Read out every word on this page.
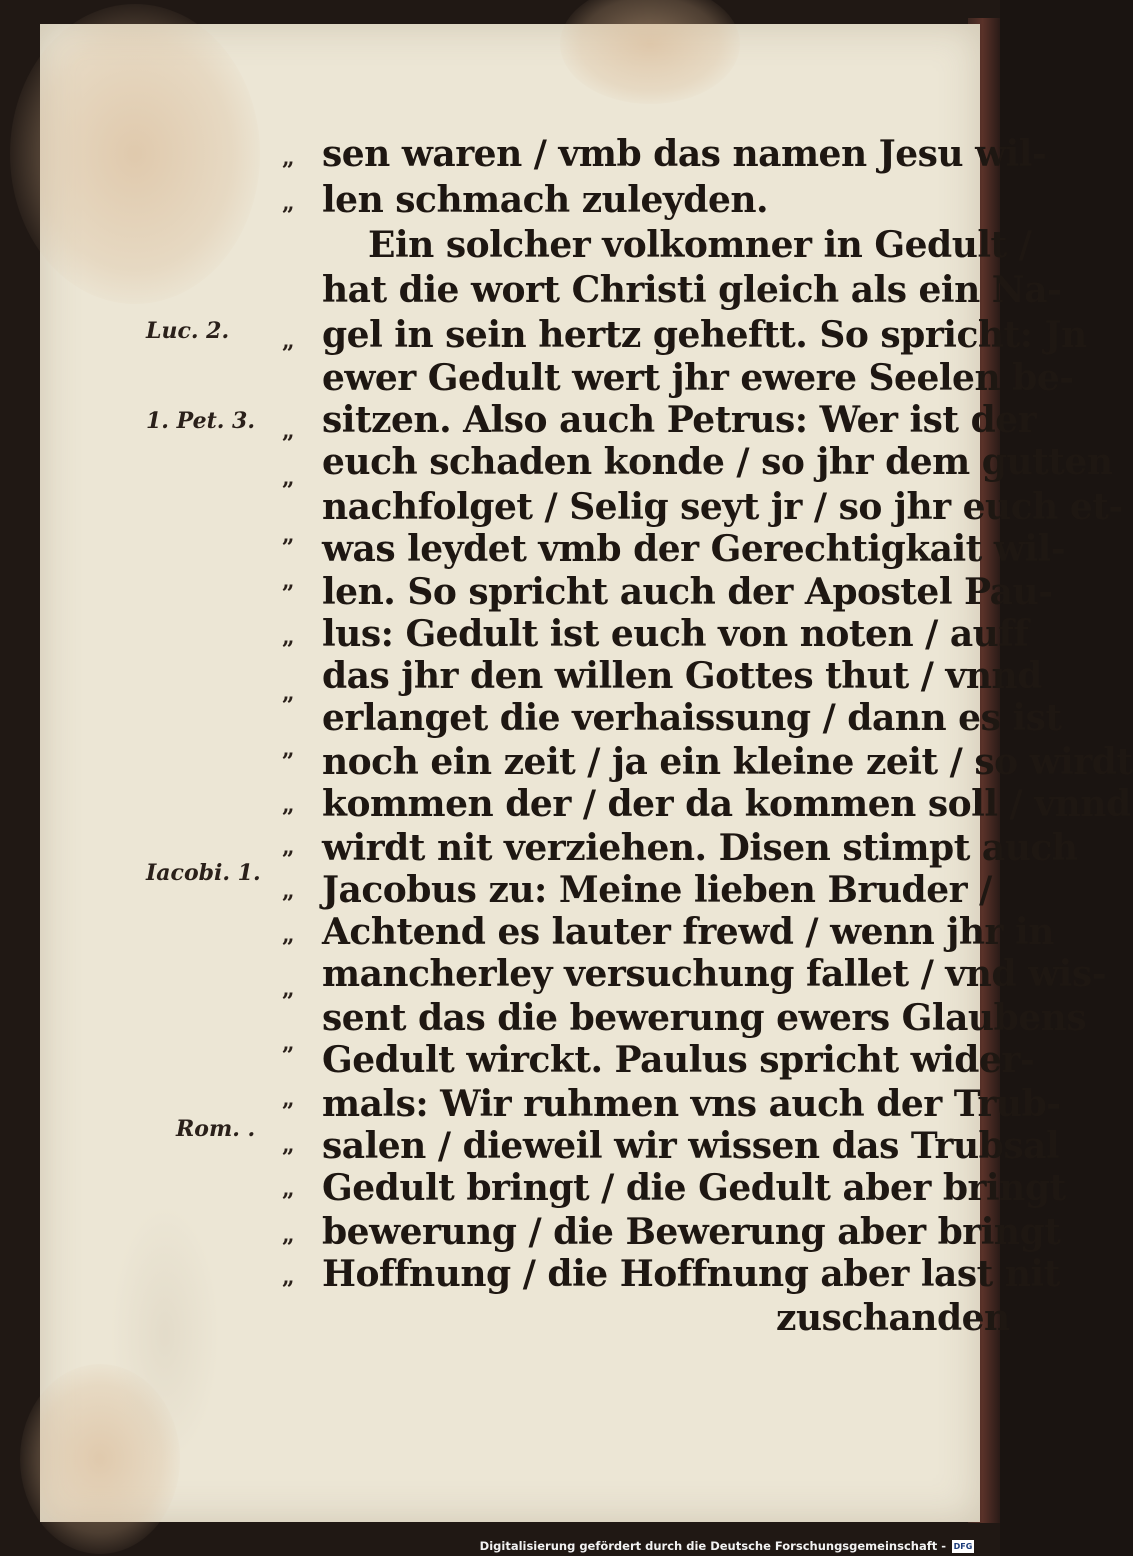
sen waren / vmb das namen Jesu wil-
len schmach zuleyden.
Ein solcher volkomner in Gedult /
hat die wort Christi gleich als ein Na-
gel in sein hertz geheftt. So spricht: Jn
ewer Gedult wert jhr ewere Seelen be-
sitzen. Also auch Petrus: Wer ist der
euch schaden konde / so jhr dem gutten
nachfolget / Selig seyt jr / so jhr euch et-
was leydet vmb der Gerechtigkait wil-
len. So spricht auch der Apostel Pau-
lus: Gedult ist euch von noten / auff
das jhr den willen Gottes thut / vnnd
erlanget die verhaissung / dann es ist
noch ein zeit / ja ein kleine zeit / so wirdt
kommen der / der da kommen soll / vnnd
wirdt nit verziehen. Disen stimpt auch
Jacobus zu: Meine lieben Bruder /
Achtend es lauter frewd / wenn jhr in
mancherley versuchung fallet / vnd wis-
sent das die bewerung ewers Glaubens
Gedult wirckt. Paulus spricht wider-
mals: Wir ruhmen vns auch der Trub-
salen / dieweil wir wissen das Trubsal
Gedult bringt / die Gedult aber bringt
bewerung / die Bewerung aber bringt
Hoffnung / die Hoffnung aber last nit
zuschanden
„
„
„
„
„
„
„
„
„
„
„
„
„
„
„
„
„
„
„
„
„
Luc. 2.
1. Pet. 3.
Iacobi. 1.
Rom. .
Digitalisierung gefördert durch die Deutsche Forschungsgemeinschaft - DFG
